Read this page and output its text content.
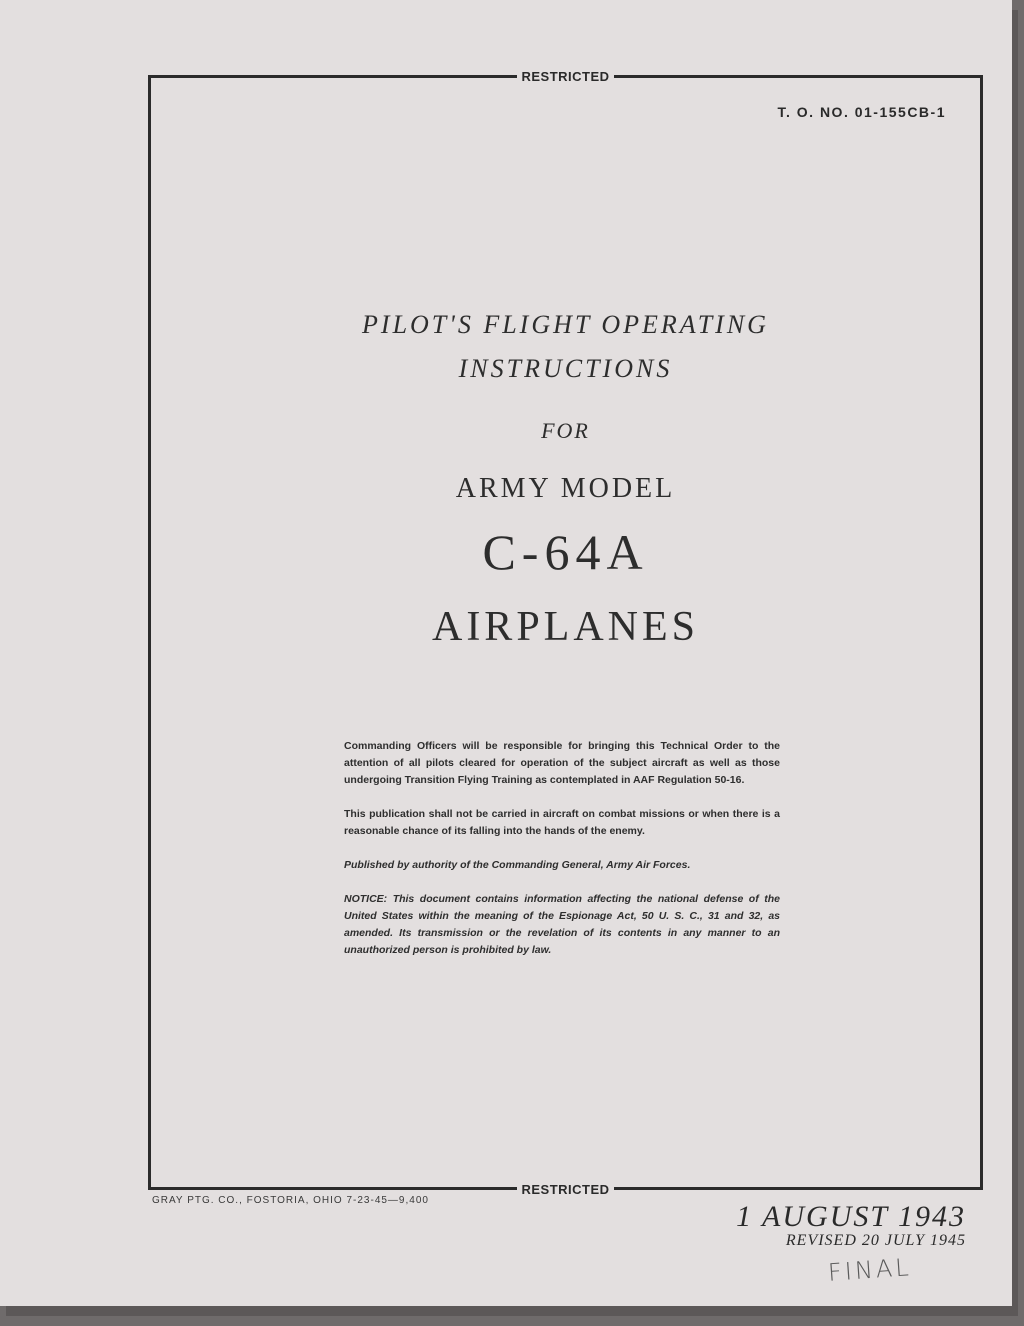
RESTRICTED
T. O. NO. 01-155CB-1
PILOT'S FLIGHT OPERATING
INSTRUCTIONS
FOR
ARMY MODEL
C-64A
AIRPLANES

Commanding Officers will be responsible for bringing this Technical Order to the attention of all pilots cleared for operation of the subject aircraft as well as those undergoing Transition Flying Training as contemplated in AAF Regulation 50-16.

This publication shall not be carried in aircraft on combat missions or when there is a reasonable chance of its falling into the hands of the enemy.

Published by authority of the Commanding General, Army Air Forces.

NOTICE: This document contains information affecting the national defense of the United States within the meaning of the Espionage Act, 50 U. S. C., 31 and 32, as amended. Its transmission or the revelation of its contents in any manner to an unauthorized person is prohibited by law.

RESTRICTED
GRAY PTG. CO., FOSTORIA, OHIO 7-23-45—9,400	1 AUGUST 1943
REVISED 20 JULY 1945
FINAL
